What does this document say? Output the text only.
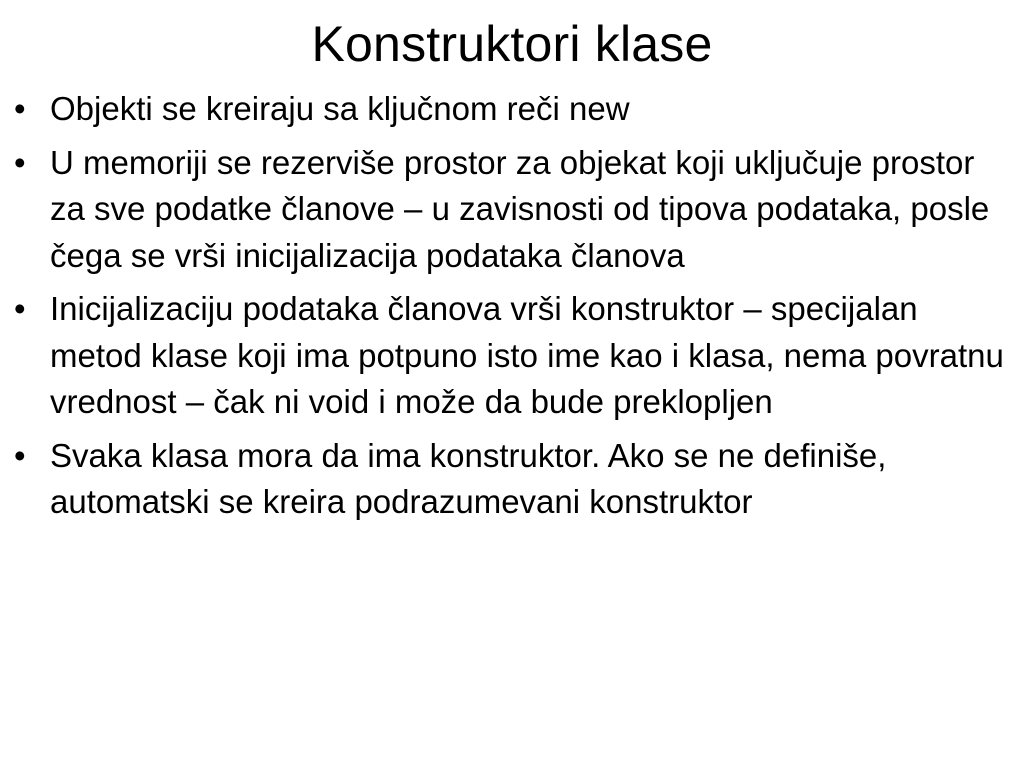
Konstruktori klase
• Objekti se kreiraju sa ključnom reči new
• U memoriji se rezerviše prostor za objekat koji uključuje prostor za sve podatke članove – u zavisnosti od tipova podataka, posle čega se vrši inicijalizacija podataka članova
• Inicijalizaciju podataka članova vrši konstruktor – specijalan metod klase koji ima potpuno isto ime kao i klasa, nema povratnu vrednost – čak ni void i može da bude preklopljen
• Svaka klasa mora da ima konstruktor. Ako se ne definiše, automatski se kreira podrazumevani konstruktor
